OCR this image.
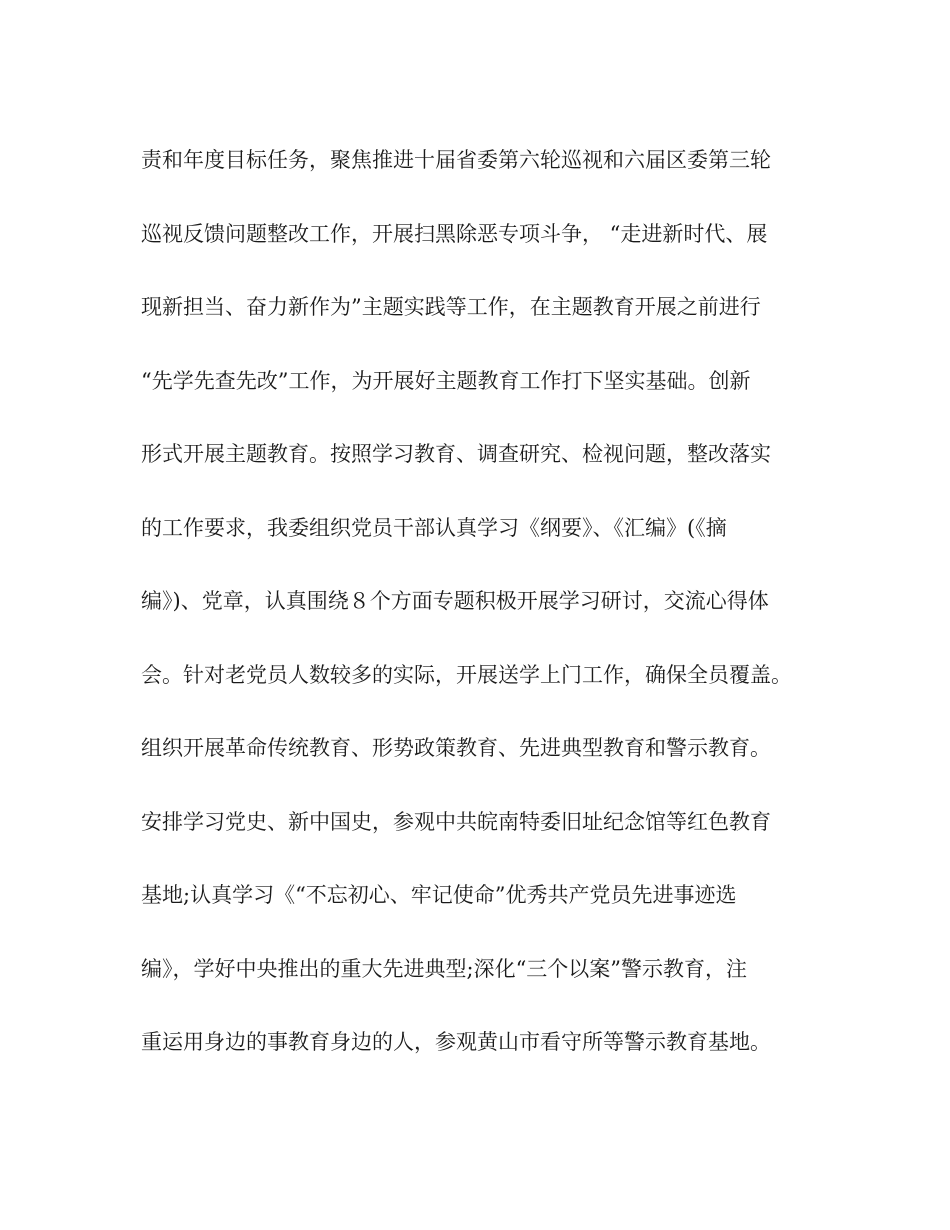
责和年度目标任务，聚焦推进十届省委第六轮巡视和六届区委第三轮
巡视反馈问题整改工作，开展扫黑除恶专项斗争， “走进新时代、展
现新担当、奋力新作为”主题实践等工作，在主题教育开展之前进行
“先学先查先改”工作，为开展好主题教育工作打下坚实基础。创新
形式开展主题教育。按照学习教育、调查研究、检视问题，整改落实
的工作要求，我委组织党员干部认真学习《纲要》、《汇编》(《摘
编》)、党章，认真围绕８个方面专题积极开展学习研讨，交流心得体
会。针对老党员人数较多的实际，开展送学上门工作，确保全员覆盖。
组织开展革命传统教育、形势政策教育、先进典型教育和警示教育。
安排学习党史、新中国史，参观中共皖南特委旧址纪念馆等红色教育
基地;认真学习《“不忘初心、牢记使命”优秀共产党员先进事迹选
编》，学好中央推出的重大先进典型;深化“三个以案”警示教育，注
重运用身边的事教育身边的人，参观黄山市看守所等警示教育基地。
